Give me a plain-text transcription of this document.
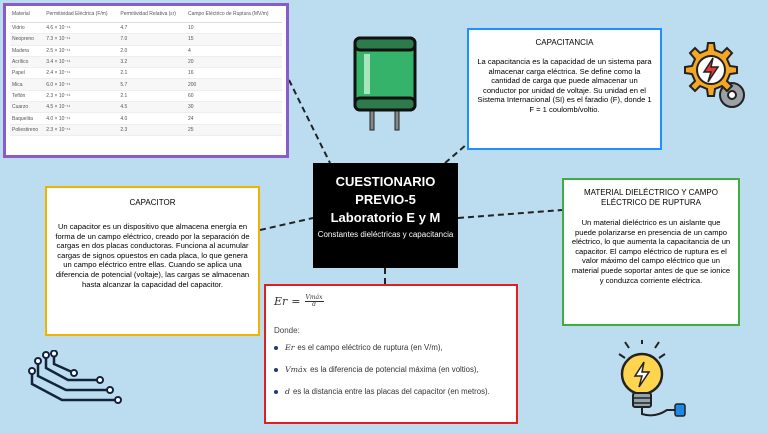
Material	Permitividad Eléctrica (F/m)	Permitividad Relativa (εr)	Campo Eléctrico de Ruptura (MV/m)
Vidrio	4.6 × 10⁻¹¹	4.7	10
Neopreno	7.3 × 10⁻¹¹	7.0	15
Madera	2.5 × 10⁻¹¹	2.0	4
Acrílico	3.4 × 10⁻¹¹	3.2	20
Papel	2.4 × 10⁻¹¹	2.1	16
Mica	6.0 × 10⁻¹¹	5.7	200
Teflón	2.3 × 10⁻¹¹	2.1	60
Cuarzo	4.5 × 10⁻¹¹	4.5	30
Baquelita	4.0 × 10⁻¹¹	4.0	24
Poliestireno	2.3 × 10⁻¹¹	2.3	25
CUESTIONARIO
PREVIO-5
Laboratorio E y M
Constantes dieléctricas y capacitancia
CAPACITANCIA
La capacitancia es la capacidad de un sistema para almacenar carga eléctrica. Se define como la cantidad de carga que puede almacenar un conductor por unidad de voltaje. Su unidad en el Sistema Internacional (SI) es el faradio (F), donde 1 F = 1 coulomb/voltio.
CAPACITOR
Un capacitor es un dispositivo que almacena energía en forma de un campo eléctrico, creado por la separación de cargas en dos placas conductoras. Funciona al acumular cargas de signos opuestos en cada placa, lo que genera un campo eléctrico entre ellas. Cuando se aplica una diferencia de potencial (voltaje), las cargas se almacenan hasta alcanzar la capacidad del capacitor.
MATERIAL DIELÉCTRICO Y CAMPO ELÉCTRICO DE RUPTURA
Un material dieléctrico es un aislante que puede polarizarse en presencia de un campo eléctrico, lo que aumenta la capacitancia de un capacitor. El campo eléctrico de ruptura es el valor máximo del campo eléctrico que un material puede soportar antes de que se ionice y conduzca corriente eléctrica.
$Er = \frac{\text{Vmáx}}{d}$
Donde:
Er es el campo eléctrico de ruptura (en V/m),
Vmáx es la diferencia de potencial máxima (en voltios),
d es la distancia entre las placas del capacitor (en metros).
